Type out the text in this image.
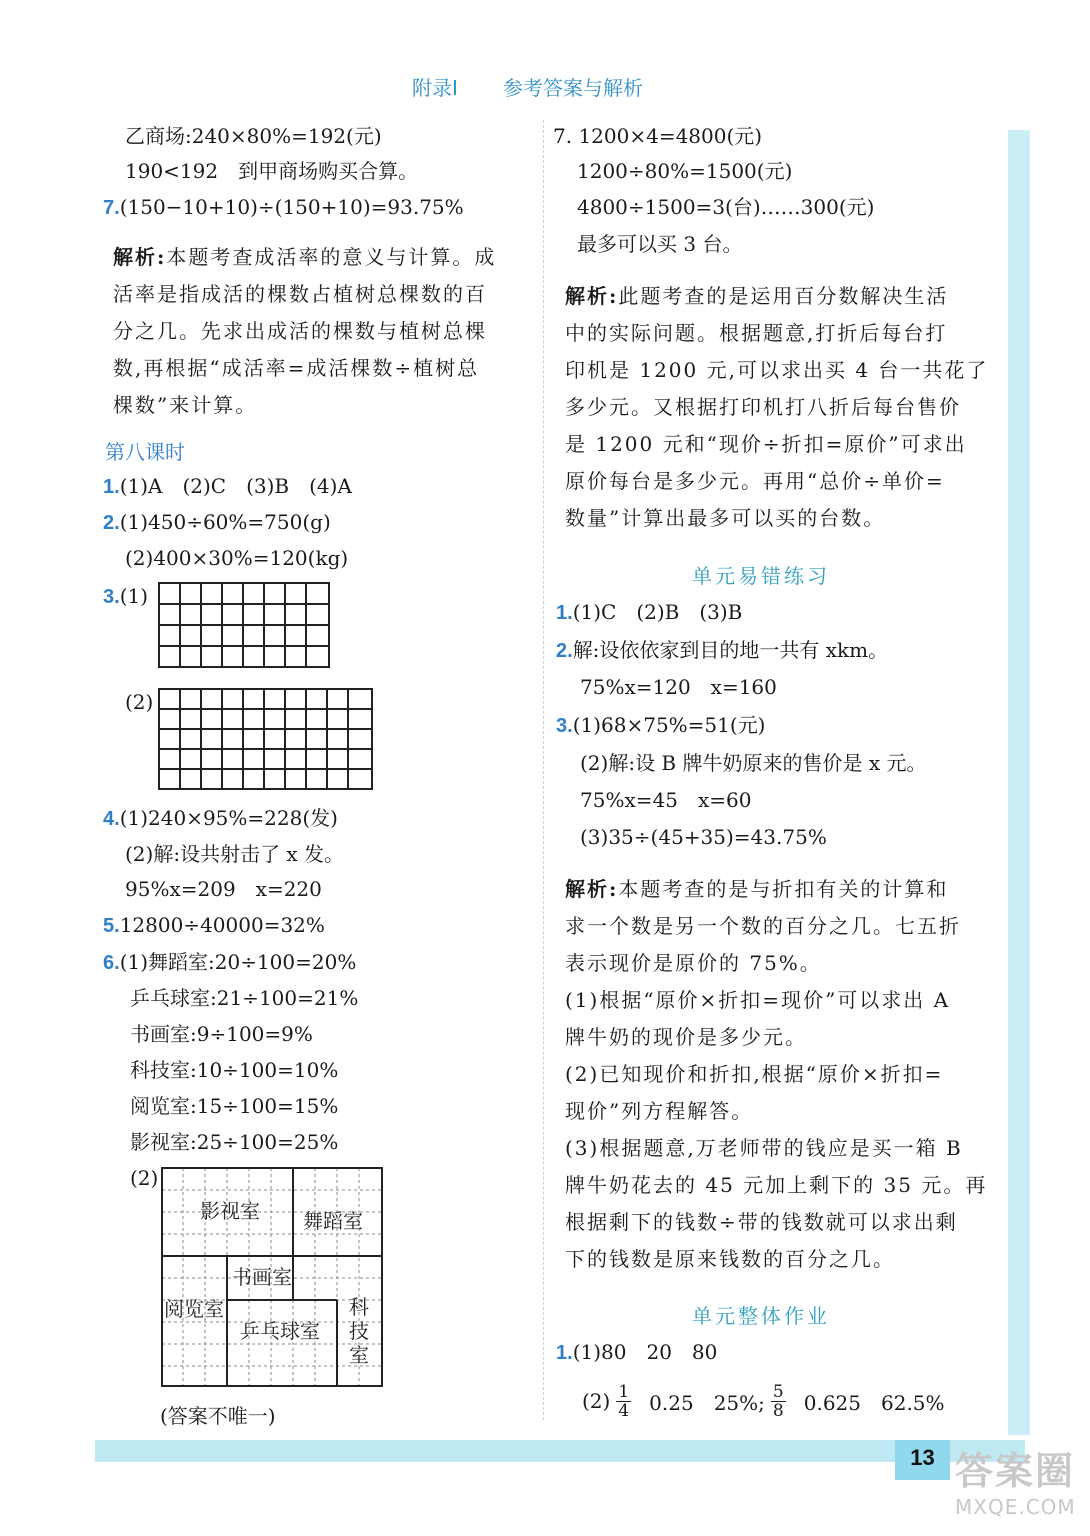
附录Ⅰ 参考答案与解析
乙商场:240×80%=192(元)
190<192　到甲商场购买合算。
7.(150−10+10)÷(150+10)=93.75%
解析:本题考查成活率的意义与计算。成
活率是指成活的棵数占植树总棵数的百
分之几。先求出成活的棵数与植树总棵
数,再根据“成活率=成活棵数÷植树总
棵数”来计算。
第八课时
1.(1)A　(2)C　(3)B　(4)A
2.(1)450÷60%=750(g)
(2)400×30%=120(kg)
3.(1)
(2)
4.(1)240×95%=228(发)
(2)解:设共射击了 x 发。
95%x=209　x=220
5.12800÷40000=32%
6.(1)舞蹈室:20÷100=20%
乒乓球室:21÷100=21%
书画室:9÷100=9%
科技室:10÷100=10%
阅览室:15÷100=15%
影视室:25÷100=25%
(2)
影视室 舞蹈室
书画室
阅览室
乒乓球室
科
技
室
(答案不唯一)
7. 1200×4=4800(元)
1200÷80%=1500(元)
4800÷1500=3(台)……300(元)
最多可以买 3 台。
解析:此题考查的是运用百分数解决生活
中的实际问题。根据题意,打折后每台打
印机是 1200 元,可以求出买 4 台一共花了
多少元。又根据打印机打八折后每台售价
是 1200 元和“现价÷折扣=原价”可求出
原价每台是多少元。再用“总价÷单价=
数量”计算出最多可以买的台数。
单元易错练习
1.(1)C　(2)B　(3)B
2.解:设依依家到目的地一共有 xkm。
75%x=120　x=160
3.(1)68×75%=51(元)
(2)解:设 B 牌牛奶原来的售价是 x 元。
75%x=45　x=60
(3)35÷(45+35)=43.75%
解析:本题考查的是与折扣有关的计算和
求一个数是另一个数的百分之几。七五折
表示现价是原价的 75%。
(1)根据“原价×折扣=现价”可以求出 A
牌牛奶的现价是多少元。
(2)已知现价和折扣,根据“原价×折扣=
现价”列方程解答。
(3)根据题意,万老师带的钱应是买一箱 B
牌牛奶花去的 45 元加上剩下的 35 元。再
根据剩下的钱数÷带的钱数就可以求出剩
下的钱数是原来钱数的百分之几。
单元整体作业
1.(1)80　20　80
(2) 1
4 0.25　25%; 5
8 0.625　62.5%
13 答案圈
MXQE.COM
